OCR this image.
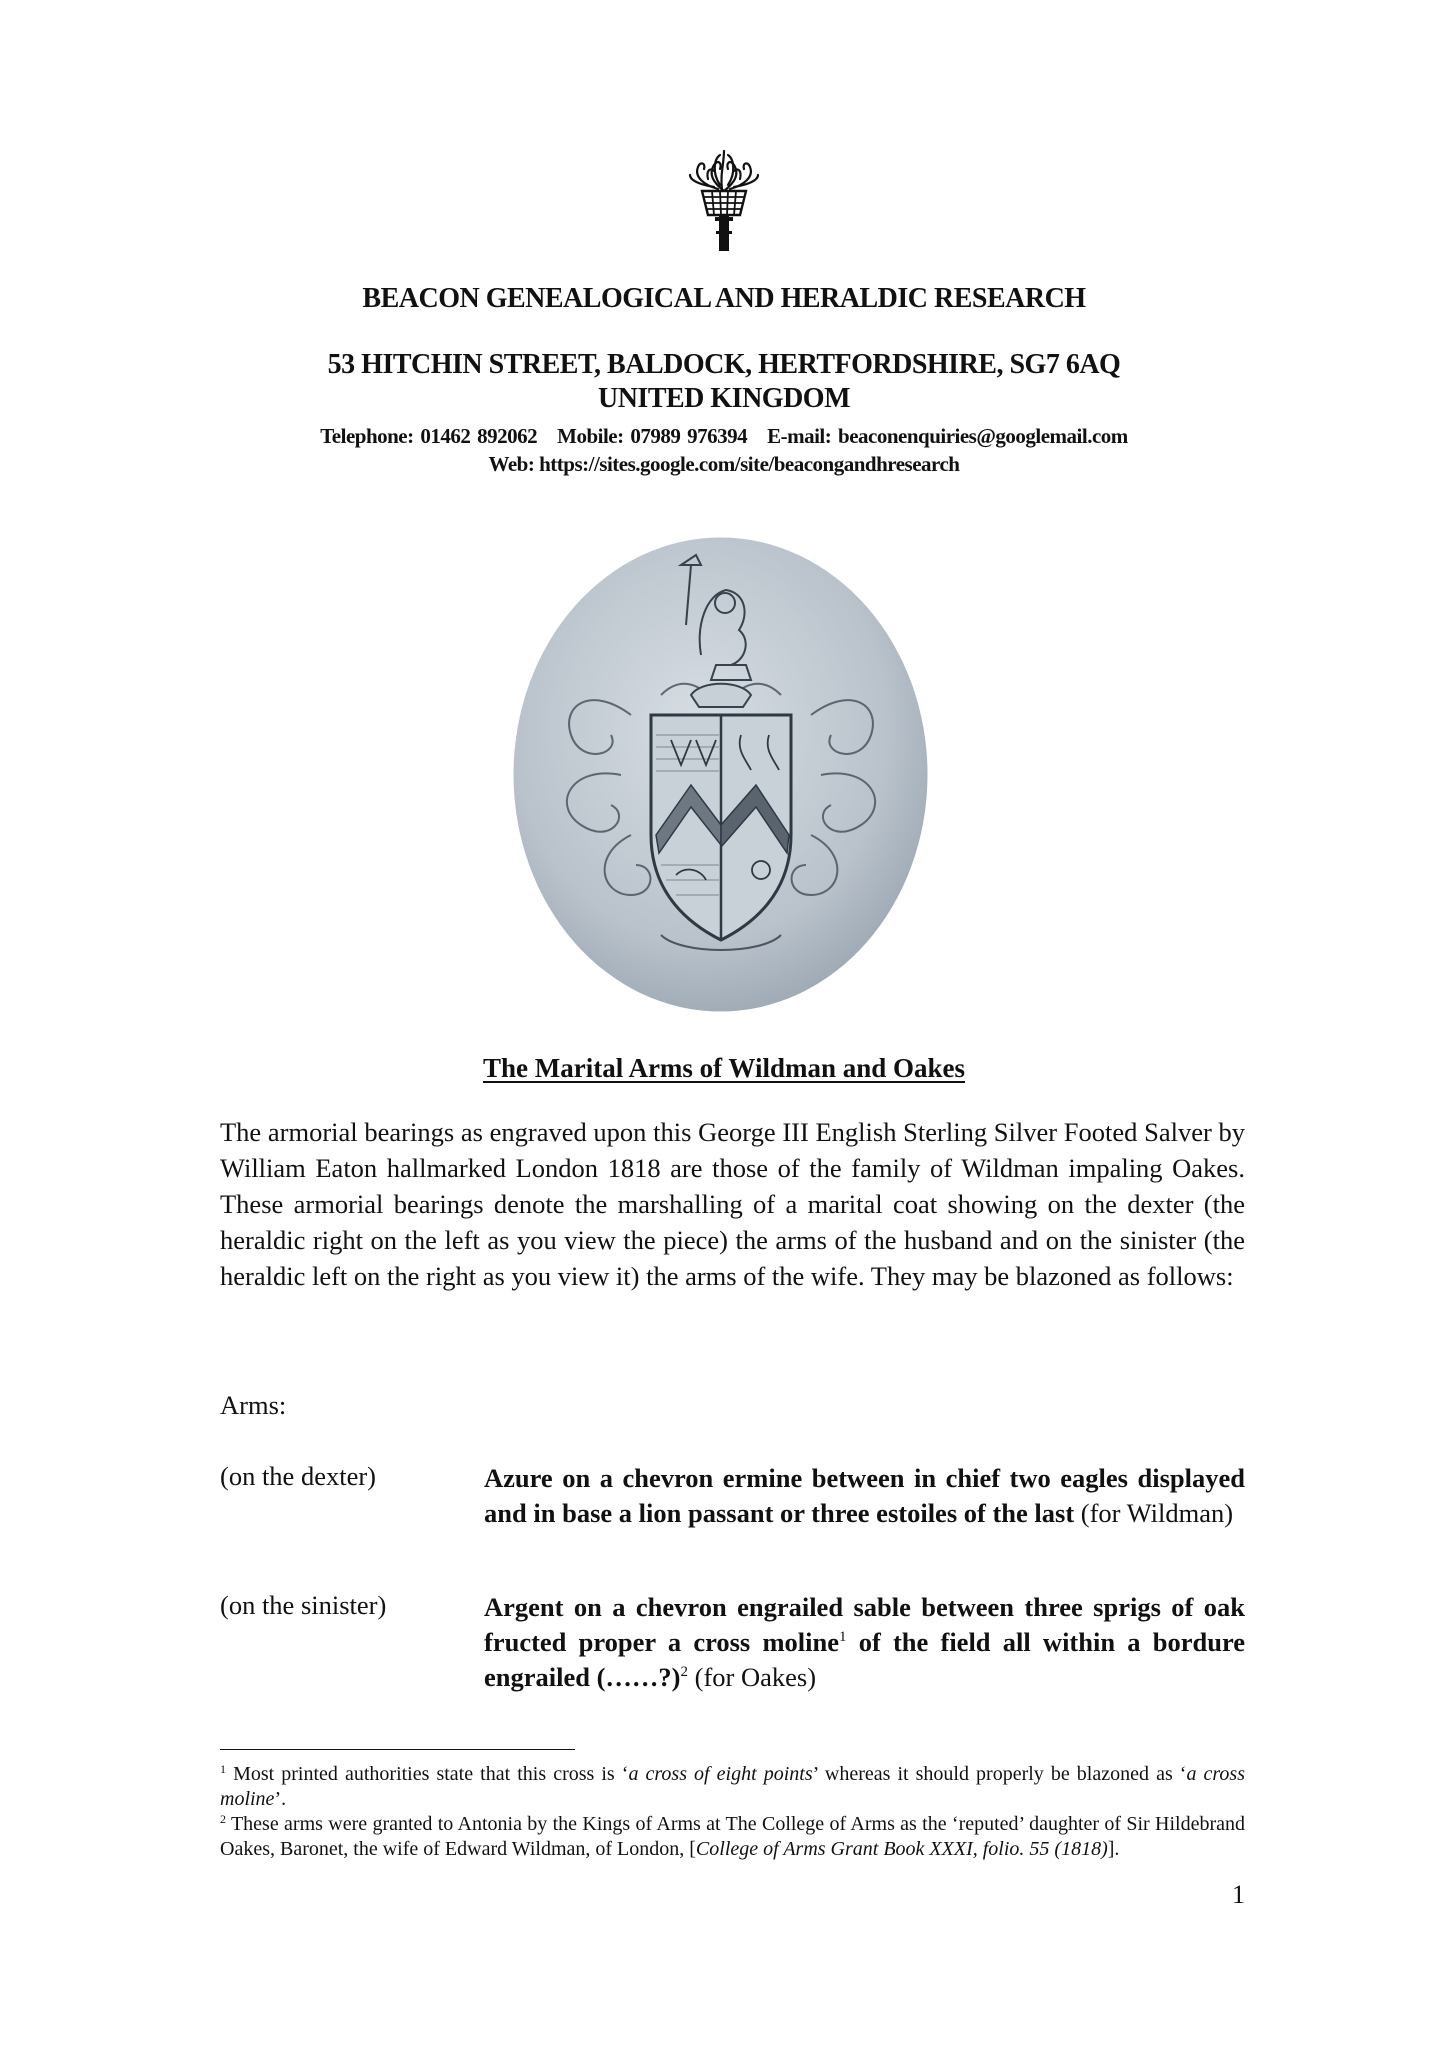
BEACON GENEALOGICAL AND HERALDIC RESEARCH
53 HITCHIN STREET, BALDOCK, HERTFORDSHIRE, SG7 6AQ
UNITED KINGDOM
Telephone: 01462 892062 Mobile: 07989 976394 E-mail: beaconenquiries@googlemail.com
Web: https://sites.google.com/site/beacongandhresearch
The Marital Arms of Wildman and Oakes
The armorial bearings as engraved upon this George III English Sterling Silver Footed Salver by William Eaton hallmarked London 1818 are those of the family of Wildman impaling Oakes. These armorial bearings denote the marshalling of a marital coat showing on the dexter (the heraldic right on the left as you view the piece) the arms of the husband and on the sinister (the heraldic left on the right as you view it) the arms of the wife. They may be blazoned as follows:
Arms:
(on the dexter)	Azure on a chevron ermine between in chief two eagles displayed and in base a lion passant or three estoiles of the last (for Wildman)
(on the sinister)	Argent on a chevron engrailed sable between three sprigs of oak fructed proper a cross moline$^1$ of the field all within a bordure engrailed (……?)$^2$ (for Oakes)
$^1$ Most printed authorities state that this cross is ‘a cross of eight points’ whereas it should properly be blazoned as ‘a cross moline’.
$^2$ These arms were granted to Antonia by the Kings of Arms at The College of Arms as the ‘reputed’ daughter of Sir Hildebrand Oakes, Baronet, the wife of Edward Wildman, of London, [College of Arms Grant Book XXXI, folio. 55 (1818)].
1
